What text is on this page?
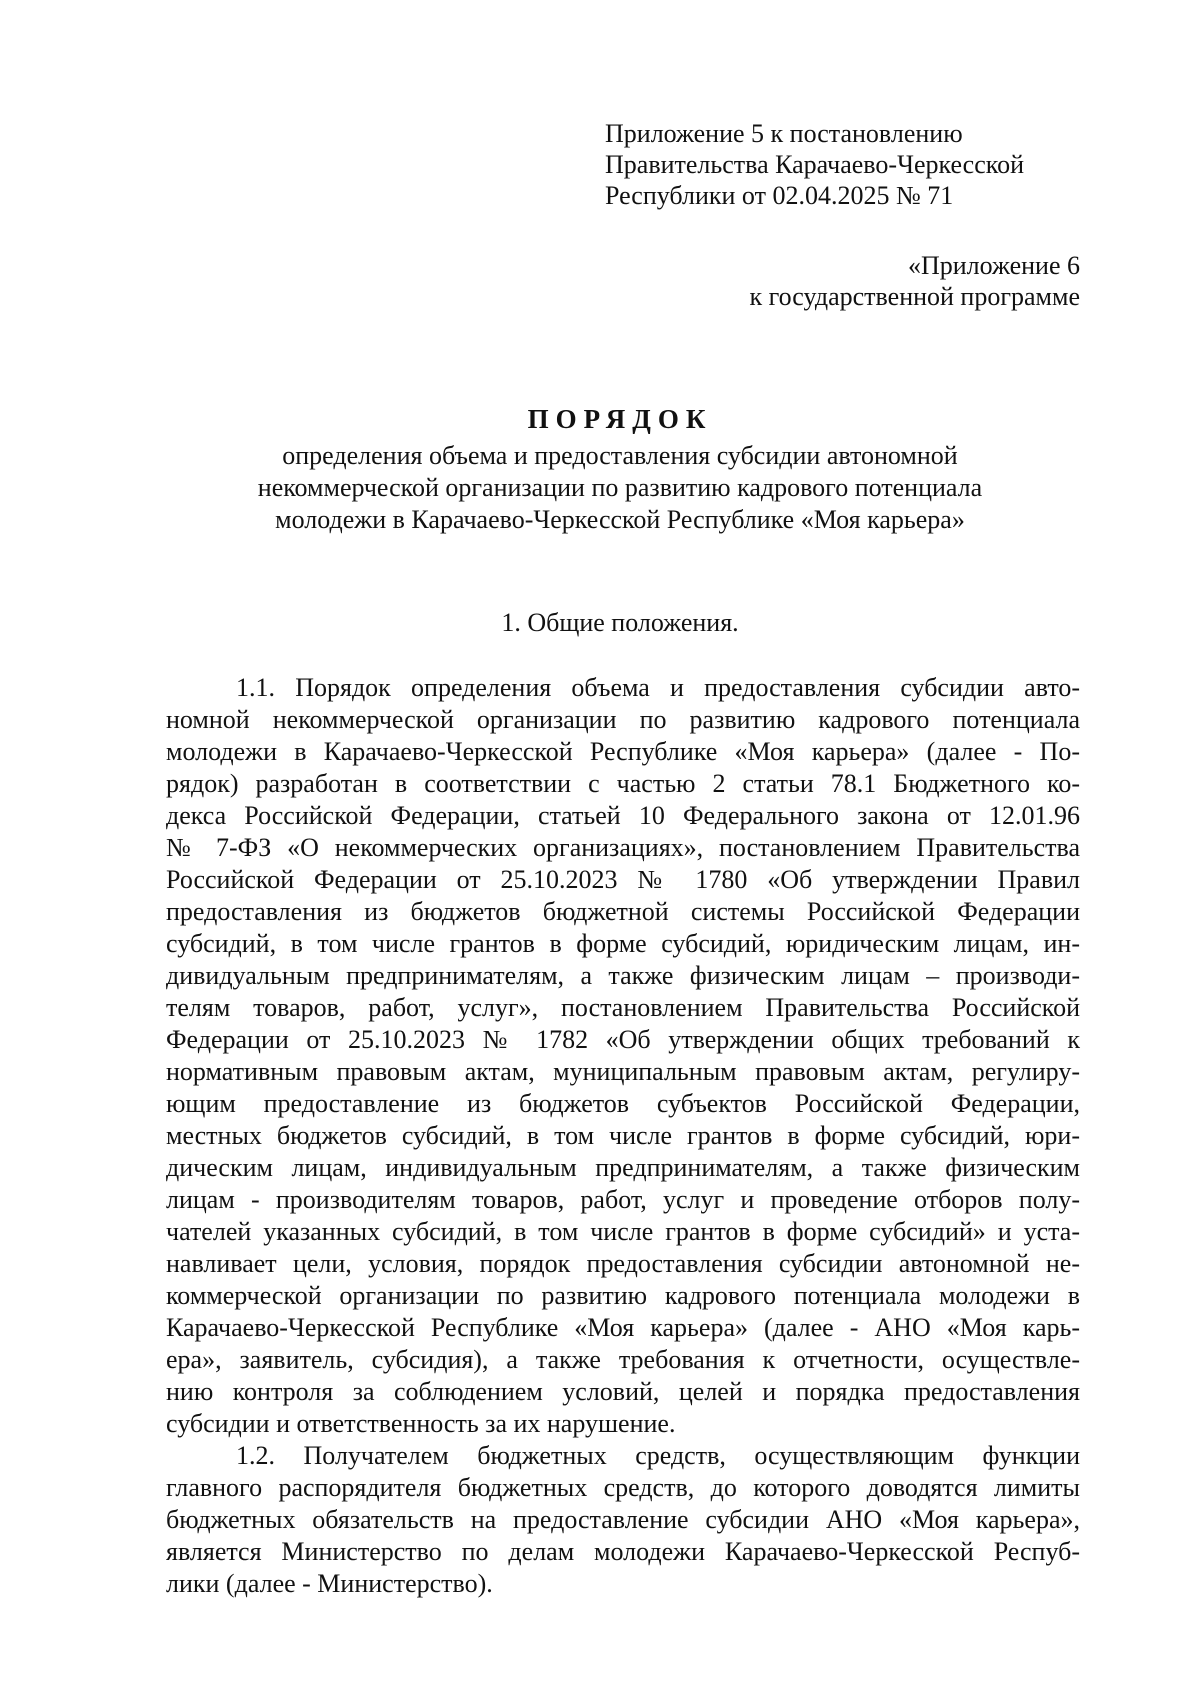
Приложение 5 к постановлению
Правительства Карачаево-Черкесской
Республики от 02.04.2025 № 71
«Приложение 6
к государственной программе
ПОРЯДОК
определения объема и предоставления субсидии автономной
некоммерческой организации по развитию кадрового потенциала
молодежи в Карачаево-Черкесской Республике «Моя карьера»
1. Общие положения.
1.1. Порядок определения объема и предоставления субсидии авто-
номной некоммерческой организации по развитию кадрового потенциала
молодежи в Карачаево-Черкесской Республике «Моя карьера» (далее - По-
рядок) разработан в соответствии с частью 2 статьи 78.1 Бюджетного ко-
декса Российской Федерации, статьей 10 Федерального закона от 12.01.96
№ 7-ФЗ «О некоммерческих организациях», постановлением Правительства
Российской Федерации от 25.10.2023 № 1780 «Об утверждении Правил
предоставления из бюджетов бюджетной системы Российской Федерации
субсидий, в том числе грантов в форме субсидий, юридическим лицам, ин-
дивидуальным предпринимателям, а также физическим лицам – производи-
телям товаров, работ, услуг», постановлением Правительства Российской
Федерации от 25.10.2023 № 1782 «Об утверждении общих требований к
нормативным правовым актам, муниципальным правовым актам, регулиру-
ющим предоставление из бюджетов субъектов Российской Федерации,
местных бюджетов субсидий, в том числе грантов в форме субсидий, юри-
дическим лицам, индивидуальным предпринимателям, а также физическим
лицам - производителям товаров, работ, услуг и проведение отборов полу-
чателей указанных субсидий, в том числе грантов в форме субсидий» и уста-
навливает цели, условия, порядок предоставления субсидии автономной не-
коммерческой организации по развитию кадрового потенциала молодежи в
Карачаево-Черкесской Республике «Моя карьера» (далее - АНО «Моя карь-
ера», заявитель, субсидия), а также требования к отчетности, осуществле-
нию контроля за соблюдением условий, целей и порядка предоставления
субсидии и ответственность за их нарушение.
1.2. Получателем бюджетных средств, осуществляющим функции
главного распорядителя бюджетных средств, до которого доводятся лимиты
бюджетных обязательств на предоставление субсидии АНО «Моя карьера»,
является Министерство по делам молодежи Карачаево-Черкесской Респуб-
лики (далее - Министерство).
